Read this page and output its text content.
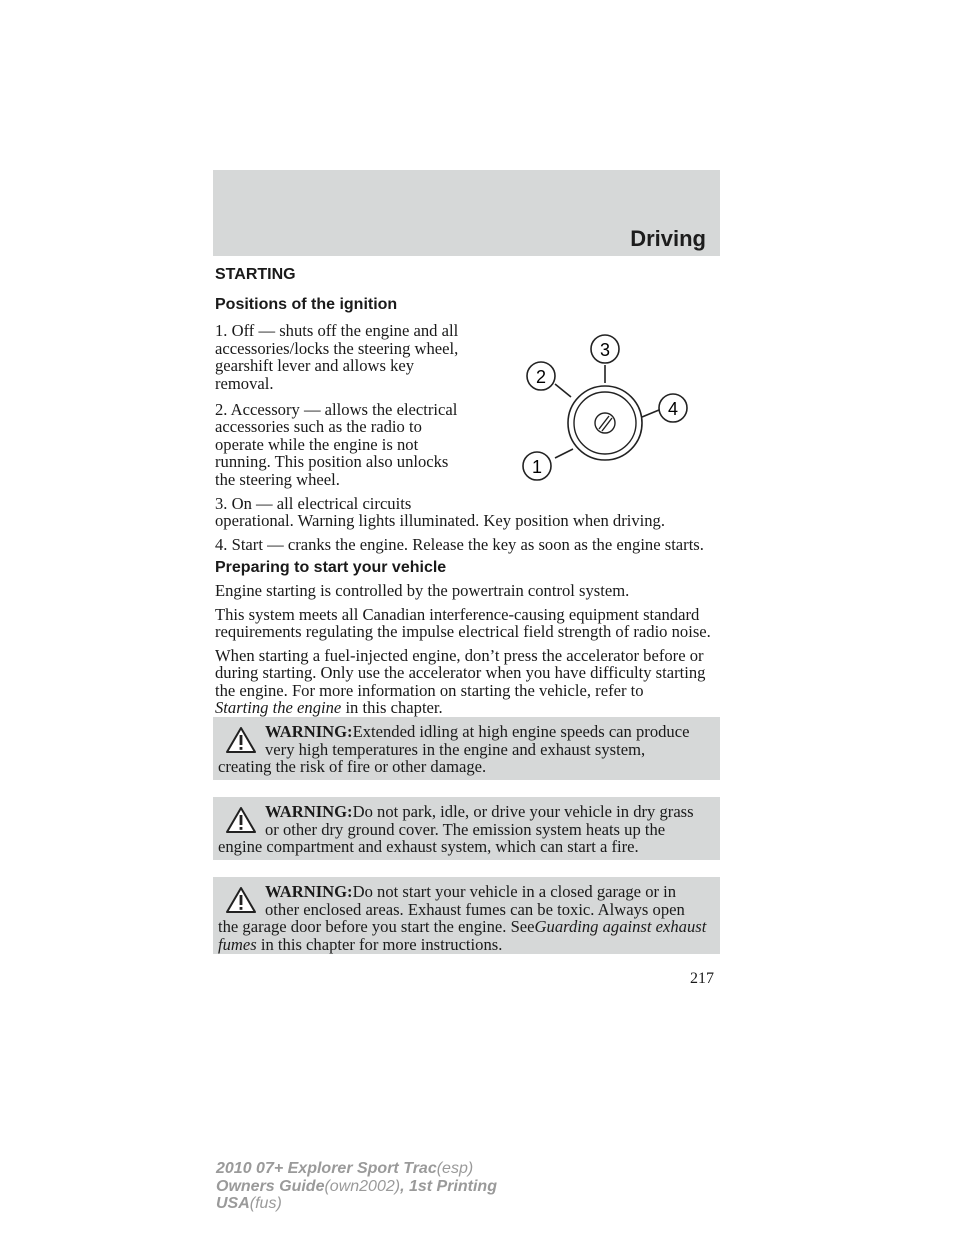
Driving
STARTING
Positions of the ignition

1. Off — shuts off the engine and all accessories/locks the steering wheel, gearshift lever and allows key removal.

2. Accessory — allows the electrical accessories such as the radio to operate while the engine is not running. This position also unlocks the steering wheel.

3. On — all electrical circuits
operational. Warning lights illuminated. Key position when driving.

4. Start — cranks the engine. Release the key as soon as the engine starts.

Preparing to start your vehicle

Engine starting is controlled by the powertrain control system.

This system meets all Canadian interference-causing equipment standard requirements regulating the impulse electrical field strength of radio noise.

When starting a fuel-injected engine, don’t press the accelerator before or during starting. Only use the accelerator when you have difficulty starting the engine. For more information on starting the vehicle, refer to
Starting the engine in this chapter.

3
2
4
1
WARNING:Extended idling at high engine speeds can produce
very high temperatures in the engine and exhaust system,
creating the risk of fire or other damage.
WARNING:Do not park, idle, or drive your vehicle in dry grass
or other dry ground cover. The emission system heats up the
engine compartment and exhaust system, which can start a fire.
WARNING:Do not start your vehicle in a closed garage or in
other enclosed areas. Exhaust fumes can be toxic. Always open
the garage door before you start the engine. SeeGuarding against exhaust fumes in this chapter for more instructions.
217
2010 07+ Explorer Sport Trac(esp)
Owners Guide(own2002), 1st Printing
USA(fus)
